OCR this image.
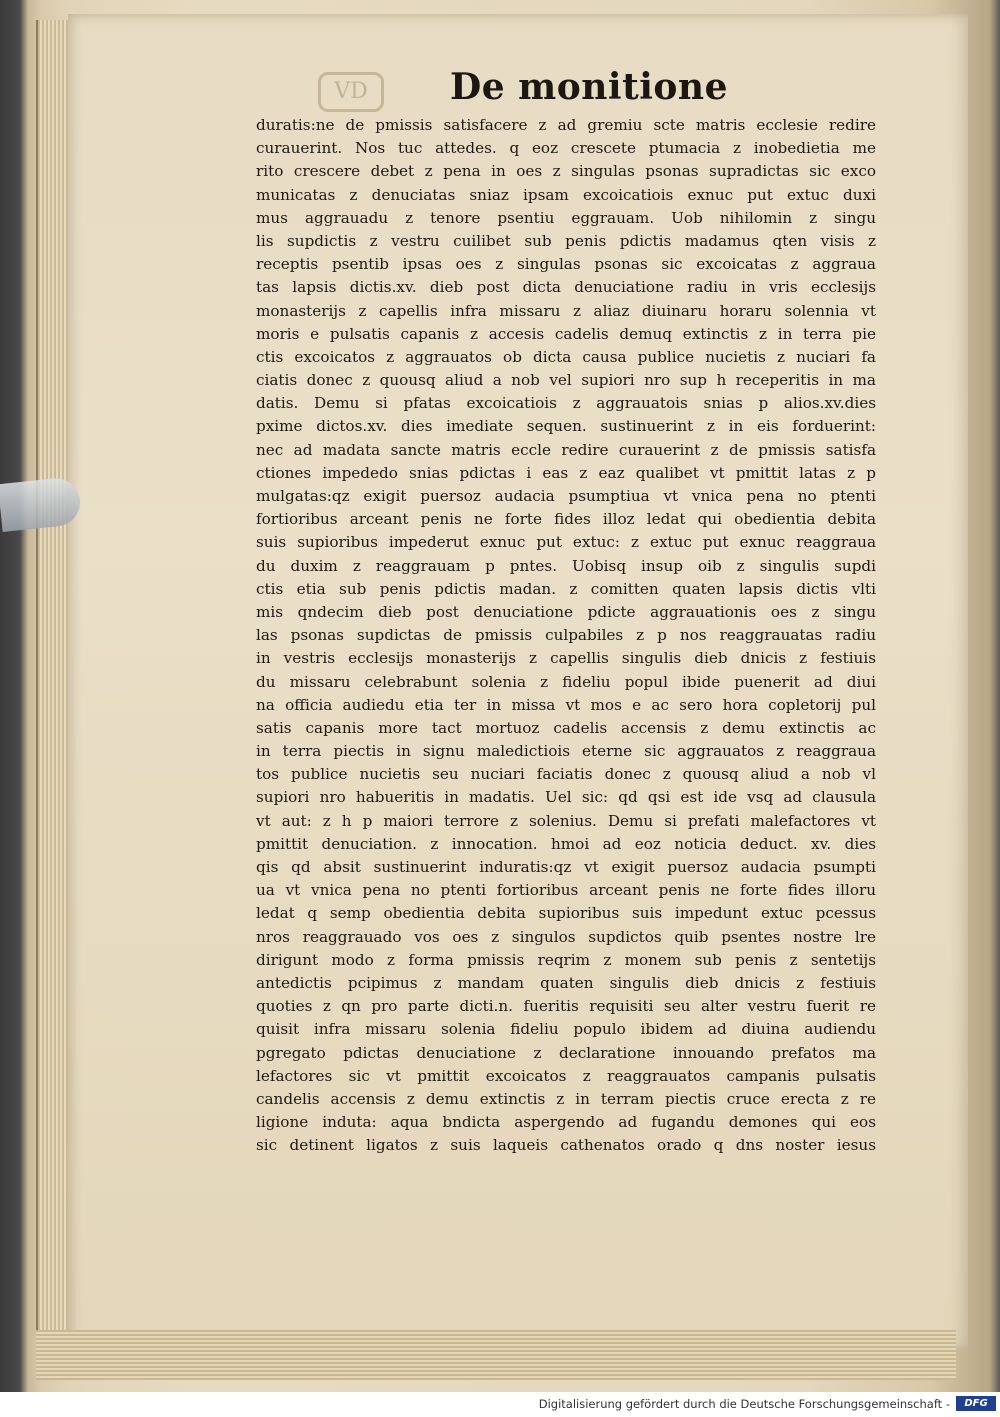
VD	De monitione
duratis:ne de pmissis satisfacere z ad gremiu scte matris ecclesie redire
curauerint. Nos tuc attedes. q eoz crescete ptumacia z inobedietia me
rito crescere debet z pena in oes z singulas psonas supradictas sic exco
municatas z denuciatas sniaz ipsam excoicatiois exnuc put extuc duxi
mus aggrauadu z tenore psentiu eggrauam. Uob nihilomin z singu
lis supdictis z vestru cuilibet sub penis pdictis madamus qten visis z
receptis psentib ipsas oes z singulas psonas sic excoicatas z aggraua
tas lapsis dictis.xv. dieb post dicta denuciatione radiu in vris ecclesijs
monasterijs z capellis infra missaru z aliaz diuinaru horaru solennia vt
moris e pulsatis capanis z accesis cadelis demuq extinctis z in terra pie
ctis excoicatos z aggrauatos ob dicta causa publice nucietis z nuciari fa
ciatis donec z quousq aliud a nob vel supiori nro sup h receperitis in ma
datis. Demu si pfatas excoicatiois z aggrauatois snias p alios.xv.dies
pxime dictos.xv. dies imediate sequen. sustinuerint z in eis forduerint:
nec ad madata sancte matris eccle redire curauerint z de pmissis satisfa
ctiones impededo snias pdictas i eas z eaz qualibet vt pmittit latas z p
mulgatas:qz exigit puersoz audacia psumptiua vt vnica pena no ptenti
fortioribus arceant penis ne forte fides illoz ledat qui obedientia debita
suis supioribus impederut exnuc put extuc: z extuc put exnuc reaggraua
du duxim z reaggrauam p pntes. Uobisq insup oib z singulis supdi
ctis etia sub penis pdictis madan. z comitten quaten lapsis dictis vlti
mis qndecim dieb post denuciatione pdicte aggrauationis oes z singu
las psonas supdictas de pmissis culpabiles z p nos reaggrauatas radiu
in vestris ecclesijs monasterijs z capellis singulis dieb dnicis z festiuis
du missaru celebrabunt solenia z fideliu popul ibide puenerit ad diui
na officia audiedu etia ter in missa vt mos e ac sero hora copletorij pul
satis capanis more tact mortuoz cadelis accensis z demu extinctis ac
in terra piectis in signu maledictiois eterne sic aggrauatos z reaggraua
tos publice nucietis seu nuciari faciatis donec z quousq aliud a nob vl
supiori nro habueritis in madatis. Uel sic: qd qsi est ide vsq ad clausula
vt aut: z h p maiori terrore z solenius. Demu si prefati malefactores vt
pmittit denuciation. z innocation. hmoi ad eoz noticia deduct. xv. dies
qis qd absit sustinuerint induratis:qz vt exigit puersoz audacia psumpti
ua vt vnica pena no ptenti fortioribus arceant penis ne forte fides illoru
ledat q semp obedientia debita supioribus suis impedunt extuc pcessus
nros reaggrauado vos oes z singulos supdictos quib psentes nostre lre
dirigunt modo z forma pmissis reqrim z monem sub penis z sentetijs
antedictis pcipimus z mandam quaten singulis dieb dnicis z festiuis
quoties z qn pro parte dicti.n. fueritis requisiti seu alter vestru fuerit re
quisit infra missaru solenia fideliu populo ibidem ad diuina audiendu
pgregato pdictas denuciatione z declaratione innouando prefatos ma
lefactores sic vt pmittit excoicatos z reaggrauatos campanis pulsatis
candelis accensis z demu extinctis z in terram piectis cruce erecta z re
ligione induta: aqua bndicta aspergendo ad fugandu demones qui eos
sic detinent ligatos z suis laqueis cathenatos orado q dns noster iesus
Digitalisierung gefördert durch die Deutsche Forschungsgemeinschaft -	DFG
